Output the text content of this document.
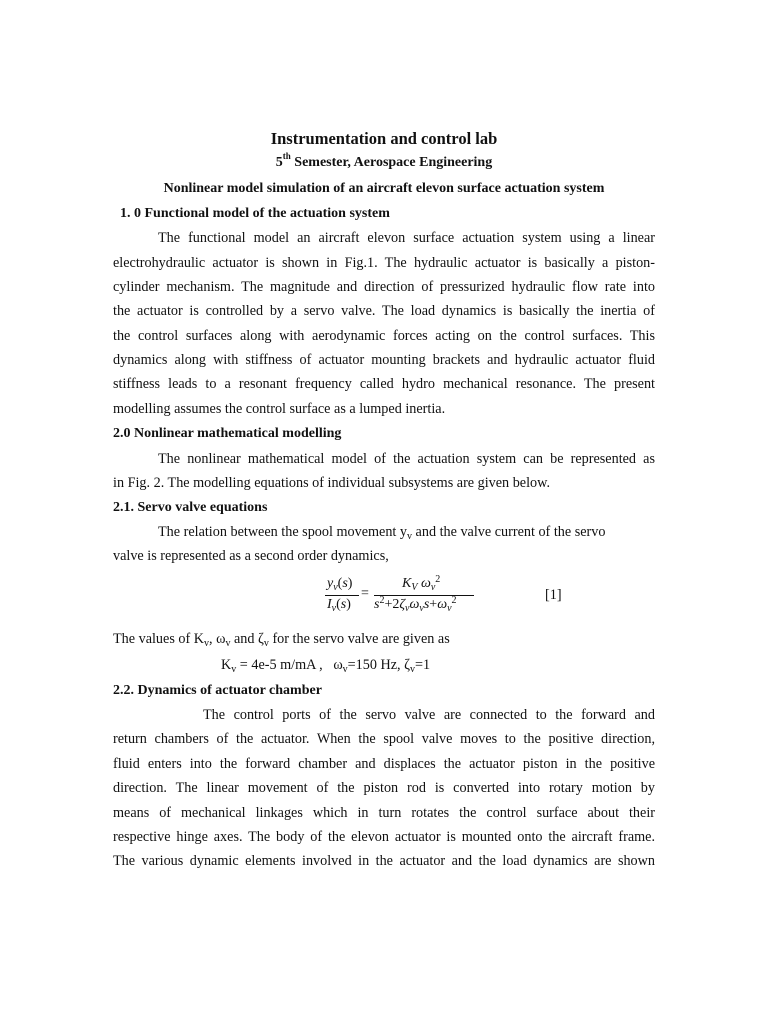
Instrumentation and control lab
5th Semester, Aerospace Engineering
Nonlinear model simulation of an aircraft elevon surface actuation system
1. 0 Functional model of the actuation system
The functional model an aircraft elevon surface actuation system using a linear
electrohydraulic actuator is shown in Fig.1. The hydraulic actuator is basically a piston-
cylinder mechanism. The magnitude and direction of pressurized hydraulic flow rate into
the actuator is controlled by a servo valve. The load dynamics is basically the inertia of
the control surfaces along with aerodynamic forces acting on the control surfaces. This
dynamics along with stiffness of actuator mounting brackets and hydraulic actuator fluid
stiffness leads to a resonant frequency called hydro mechanical resonance. The present
modelling assumes the control surface as a lumped inertia.
2.0 Nonlinear mathematical modelling
The nonlinear mathematical model of the actuation system can be represented as
in Fig. 2. The modelling equations of individual subsystems are given below.
2.1. Servo valve equations
The relation between the spool movement $y_v$ and the valve current of the servo
valve is represented as a second order dynamics,
$y_v(s)$
$I_v(s)$
=
$K_V$ $\omega_v^2$
$s^2+2\zeta_v\omega_vs+\omega_v^2$	[1]
The values of $K_v$, $\omega_v$ and $\zeta_v$ for the servo valve are given as
$K_v = 4e-5$ m/mA , $\omega_v=150$ Hz, $\zeta_v=1$
2.2. Dynamics of actuator chamber
The control ports of the servo valve are connected to the forward and
return chambers of the actuator. When the spool valve moves to the positive direction,
fluid enters into the forward chamber and displaces the actuator piston in the positive
direction. The linear movement of the piston rod is converted into rotary motion by
means of mechanical linkages which in turn rotates the control surface about their
respective hinge axes. The body of the elevon actuator is mounted onto the aircraft frame.
The various dynamic elements involved in the actuator and the load dynamics are shown
